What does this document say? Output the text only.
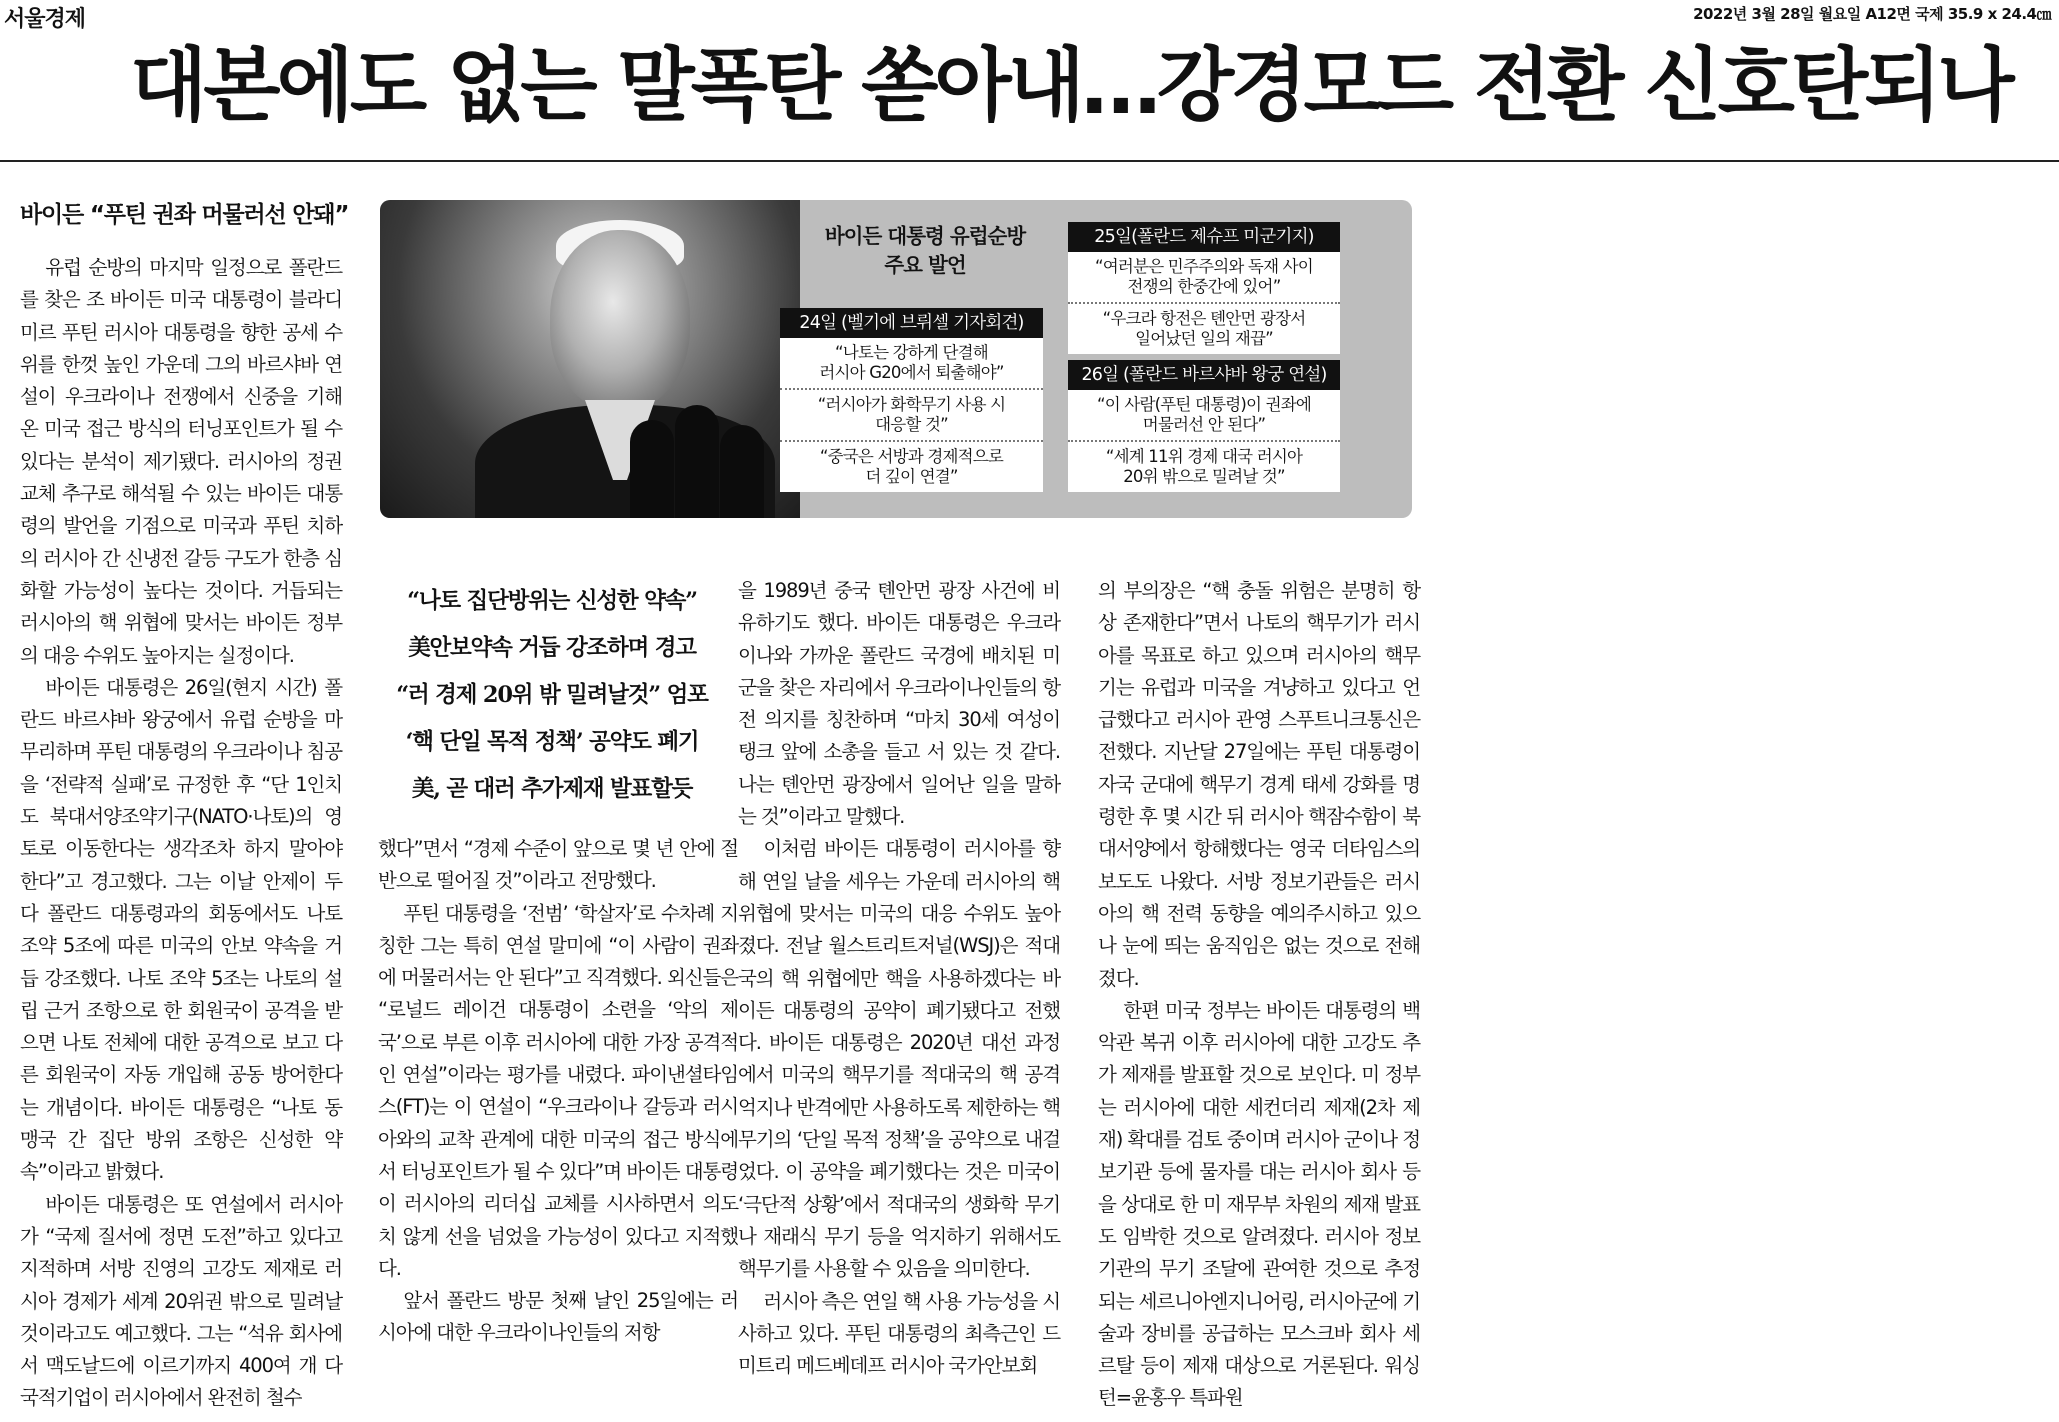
서울경제	2022년 3월 28일 월요일 A12면 국제 35.9 x 24.4㎝
대본에도 없는 말폭탄 쏟아내…강경모드 전환 신호탄되나
바이든 “푸틴 권좌 머물러선 안돼”

유럽 순방의 마지막 일정으로 폴란드를 찾은 조 바이든 미국 대통령이 블라디미르 푸틴 러시아 대통령을 향한 공세 수위를 한껏 높인 가운데 그의 바르샤바 연설이 우크라이나 전쟁에서 신중을 기해 온 미국 접근 방식의 터닝포인트가 될 수 있다는 분석이 제기됐다. 러시아의 정권 교체 추구로 해석될 수 있는 바이든 대통령의 발언을 기점으로 미국과 푸틴 치하의 러시아 간 신냉전 갈등 구도가 한층 심화할 가능성이 높다는 것이다. 거듭되는 러시아의 핵 위협에 맞서는 바이든 정부의 대응 수위도 높아지는 실정이다.

바이든 대통령은 26일(현지 시간) 폴란드 바르샤바 왕궁에서 유럽 순방을 마무리하며 푸틴 대통령의 우크라이나 침공을 ‘전략적 실패’로 규정한 후 “단 1인치도 북대서양조약기구(NATO·나토)의 영토로 이동한다는 생각조차 하지 말아야 한다”고 경고했다. 그는 이날 안제이 두다 폴란드 대통령과의 회동에서도 나토 조약 5조에 따른 미국의 안보 약속을 거듭 강조했다. 나토 조약 5조는 나토의 설립 근거 조항으로 한 회원국이 공격을 받으면 나토 전체에 대한 공격으로 보고 다른 회원국이 자동 개입해 공동 방어한다는 개념이다. 바이든 대통령은 “나토 동맹국 간 집단 방위 조항은 신성한 약속”이라고 밝혔다.

바이든 대통령은 또 연설에서 러시아가 “국제 질서에 정면 도전”하고 있다고 지적하며 서방 진영의 고강도 제재로 러시아 경제가 세계 20위권 밖으로 밀려날 것이라고도 예고했다. 그는 “석유 회사에서 맥도날드에 이르기까지 400여 개 다국적기업이 러시아에서 완전히 철수

바이든 대통령 유럽순방
주요 발언
24일 (벨기에 브뤼셀 기자회견)
“나토는 강하게 단결해
러시아 G20에서 퇴출해야”
“러시아가 화학무기 사용 시
대응할 것”
“중국은 서방과 경제적으로
더 깊이 연결”
25일(폴란드 제슈프 미군기지)
“여러분은 민주주의와 독재 사이
전쟁의 한중간에 있어”
“우크라 항전은 톈안먼 광장서
일어났던 일의 재끕”
26일 (폴란드 바르샤바 왕궁 연설)
“이 사람(푸틴 대통령)이 권좌에
머물러선 안 된다”
“세계 11위 경제 대국 러시아
20위 밖으로 밀려날 것”
“나토 집단방위는 신성한 약속”
美안보약속 거듭 강조하며 경고
“러 경제 20위 밖 밀려날것” 엄포
‘핵 단일 목적 정책’ 공약도 폐기
美, 곧 대러 추가제재 발표할듯

했다”면서 “경제 수준이 앞으로 몇 년 안에 절반으로 떨어질 것”이라고 전망했다.

푸틴 대통령을 ‘전범’ ‘학살자’로 수차례 지칭한 그는 특히 연설 말미에 “이 사람이 권좌에 머물러서는 안 된다”고 직격했다. 외신들은 “로널드 레이건 대통령이 소련을 ‘악의 제국’으로 부른 이후 러시아에 대한 가장 공격적인 연설”이라는 평가를 내렸다. 파이낸셜타임스(FT)는 이 연설이 “우크라이나 갈등과 러시아와의 교착 관계에 대한 미국의 접근 방식에서 터닝포인트가 될 수 있다”며 바이든 대통령이 러시아의 리더십 교체를 시사하면서 의도치 않게 선을 넘었을 가능성이 있다고 지적했다.

앞서 폴란드 방문 첫째 날인 25일에는 러시아에 대한 우크라이나인들의 저항

을 1989년 중국 톈안먼 광장 사건에 비유하기도 했다. 바이든 대통령은 우크라이나와 가까운 폴란드 국경에 배치된 미군을 찾은 자리에서 우크라이나인들의 항전 의지를 칭찬하며 “마치 30세 여성이 탱크 앞에 소총을 들고 서 있는 것 같다. 나는 톈안먼 광장에서 일어난 일을 말하는 것”이라고 말했다.

이처럼 바이든 대통령이 러시아를 향해 연일 날을 세우는 가운데 러시아의 핵 위협에 맞서는 미국의 대응 수위도 높아졌다. 전날 월스트리트저널(WSJ)은 적대국의 핵 위협에만 핵을 사용하겠다는 바이든 대통령의 공약이 폐기됐다고 전했다. 바이든 대통령은 2020년 대선 과정에서 미국의 핵무기를 적대국의 핵 공격 억지나 반격에만 사용하도록 제한하는 핵무기의 ‘단일 목적 정책’을 공약으로 내걸었다. 이 공약을 폐기했다는 것은 미국이 ‘극단적 상황’에서 적대국의 생화학 무기나 재래식 무기 등을 억지하기 위해서도 핵무기를 사용할 수 있음을 의미한다.

러시아 측은 연일 핵 사용 가능성을 시사하고 있다. 푸틴 대통령의 최측근인 드미트리 메드베데프 러시아 국가안보회

의 부의장은 “핵 충돌 위험은 분명히 항상 존재한다”면서 나토의 핵무기가 러시아를 목표로 하고 있으며 러시아의 핵무기는 유럽과 미국을 겨냥하고 있다고 언급했다고 러시아 관영 스푸트니크통신은 전했다. 지난달 27일에는 푸틴 대통령이 자국 군대에 핵무기 경계 태세 강화를 명령한 후 몇 시간 뒤 러시아 핵잠수함이 북대서양에서 항해했다는 영국 더타임스의 보도도 나왔다. 서방 정보기관들은 러시아의 핵 전력 동향을 예의주시하고 있으나 눈에 띄는 움직임은 없는 것으로 전해졌다.

한편 미국 정부는 바이든 대통령의 백악관 복귀 이후 러시아에 대한 고강도 추가 제재를 발표할 것으로 보인다. 미 정부는 러시아에 대한 세컨더리 제재(2차 제재) 확대를 검토 중이며 러시아 군이나 정보기관 등에 물자를 대는 러시아 회사 등을 상대로 한 미 재무부 차원의 제재 발표도 임박한 것으로 알려졌다. 러시아 정보기관의 무기 조달에 관여한 것으로 추정되는 세르니아엔지니어링, 러시아군에 기술과 장비를 공급하는 모스크바 회사 세르탈 등이 제재 대상으로 거론된다. 워싱턴=윤홍우 특파원
